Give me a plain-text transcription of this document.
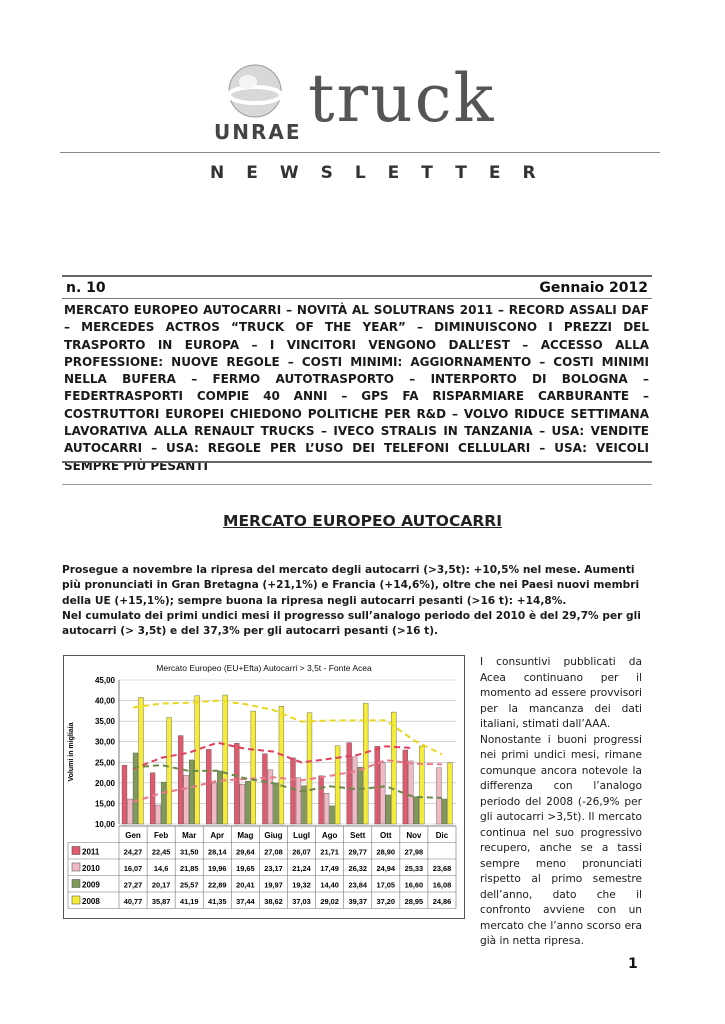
UNRAE truck
NEWSLETTER
n. 10	Gennaio 2012
MERCATO EUROPEO AUTOCARRI – NOVITÀ AL SOLUTRANS 2011 – RECORD ASSALI DAF – MERCEDES ACTROS “TRUCK OF THE YEAR” – DIMINUISCONO I PREZZI DEL TRASPORTO IN EUROPA – I VINCITORI VENGONO DALL’EST – ACCESSO ALLA PROFESSIONE: NUOVE REGOLE – COSTI MINIMI: AGGIORNAMENTO – COSTI MINIMI NELLA BUFERA – FERMO AUTOTRASPORTO – INTERPORTO DI BOLOGNA – FEDERTRASPORTI COMPIE 40 ANNI – GPS FA RISPARMIARE CARBURANTE – COSTRUTTORI EUROPEI CHIEDONO POLITICHE PER R&D – VOLVO RIDUCE SETTIMANA LAVORATIVA ALLA RENAULT TRUCKS – IVECO STRALIS IN TANZANIA – USA: VENDITE AUTOCARRI – USA: REGOLE PER L’USO DEI TELEFONI CELLULARI – USA: VEICOLI SEMPRE PIÙ PESANTI
MERCATO EUROPEO AUTOCARRI

Prosegue a novembre la ripresa del mercato degli autocarri (>3,5t): +10,5% nel mese. Aumenti più pronunciati in Gran Bretagna (+21,1%) e Francia (+14,6%), oltre che nei Paesi nuovi membri della UE (+15,1%); sempre buona la ripresa negli autocarri pesanti (>16 t): +14,8%.

Nel cumulato dei primi undici mesi il progresso sull’analogo periodo del 2010 è del 29,7% per gli autocarri (> 3,5t) e del 37,3% per gli autocarri pesanti (>16 t).

Mercato Europeo (EU+Efta) Autocarri > 3,5t - Fonte Acea
Volumi in migliaia
10,00
15,00
20,00
25,00
30,00
35,00
40,00
45,00
Gen Feb Mar Apr Mag Giug Lugl Ago Sett Ott Nov Dic
2011	24,27 22,45 31,50 28,14 29,64 27,08 26,07 21,71 29,77 28,90 27,98
2010	16,07 14,6 21,85 19,96 19,65 23,17 21,24 17,49 26,32 24,94 25,33 23,68
2009	27,27 20,17 25,57 22,89 20,41 19,97 19,32 14,40 23,84 17,05 16,60 16,08
2008	40,77 35,87 41,19 41,35 37,44 38,62 37,03 29,02 39,37 37,20 28,95 24,86

I consuntivi pubblicati da Acea continuano per il momento ad essere provvisori per la mancanza dei dati italiani, stimati dall’AAA.

Nonostante i buoni progressi nei primi undici mesi, rimane comunque ancora notevole la differenza con l’analogo periodo del 2008 (-26,9% per gli autocarri >3,5t). Il mercato continua nel suo progressivo recupero, anche se a tassi sempre meno pronunciati rispetto al primo semestre dell’anno, dato che il confronto avviene con un mercato che l’anno scorso era già in netta ripresa.

1
